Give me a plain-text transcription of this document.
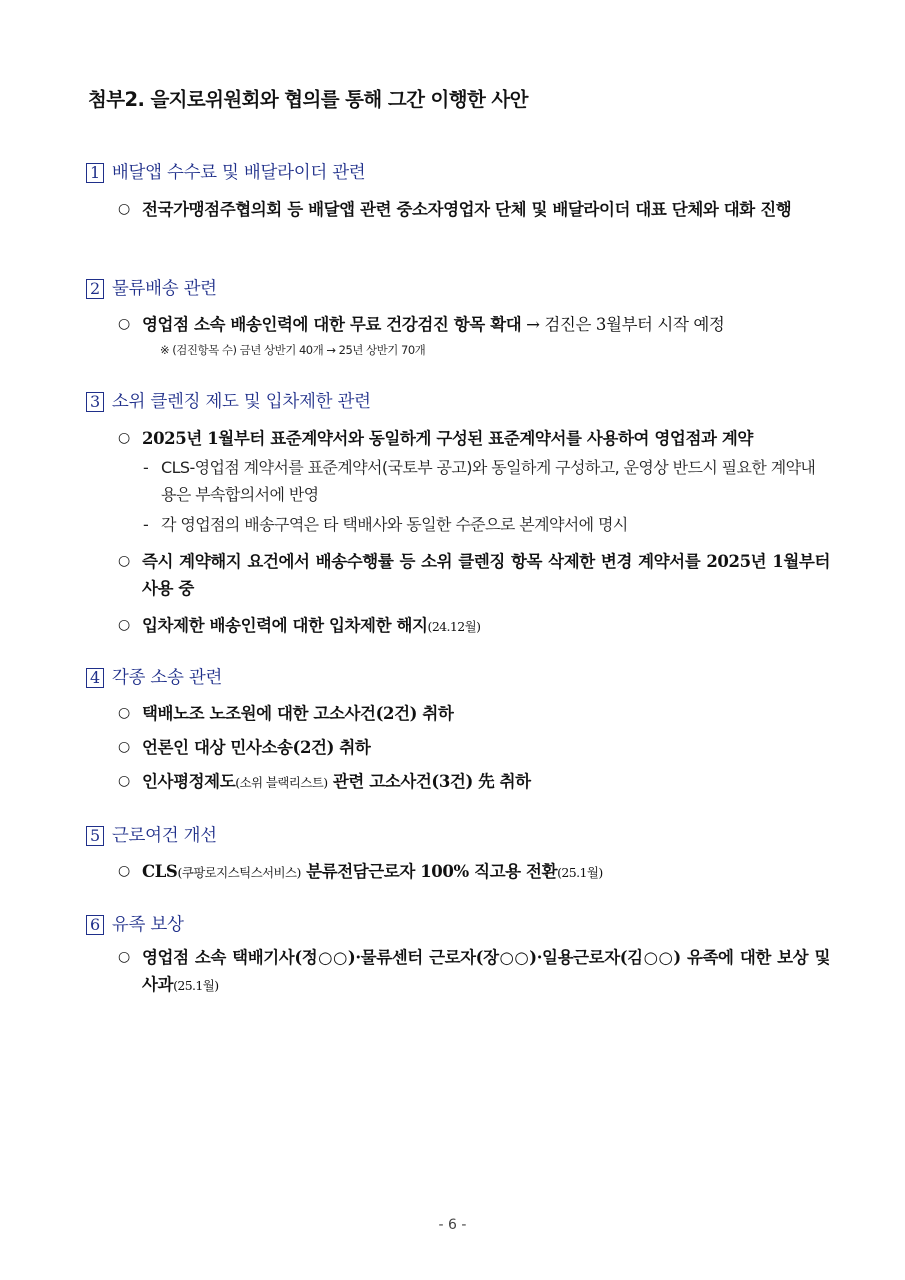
첨부2. 을지로위원회와 협의를 통해 그간 이행한 사안
1 배달앱 수수료 및 배달라이더 관련
○ 전국가맹점주협의회 등 배달앱 관련 중소자영업자 단체 및 배달라이더 대표 단체와 대화 진행
2 물류배송 관련
○ 영업점 소속 배송인력에 대한 무료 건강검진 항목 확대 → 검진은 3월부터 시작 예정
※ (검진항목 수) 금년 상반기 40개 → 25년 상반기 70개
3 소위 클렌징 제도 및 입차제한 관련
○ 2025년 1월부터 표준계약서와 동일하게 구성된 표준계약서를 사용하여 영업점과 계약
- CLS-영업점 계약서를 표준계약서(국토부 공고)와 동일하게 구성하고, 운영상 반드시 필요한 계약내용은 부속합의서에 반영
- 각 영업점의 배송구역은 타 택배사와 동일한 수준으로 본계약서에 명시
○ 즉시 계약해지 요건에서 배송수행률 등 소위 클렌징 항목 삭제한 변경 계약서를 2025년 1월부터 사용 중
○ 입차제한 배송인력에 대한 입차제한 해지(24.12월)
4 각종 소송 관련
○ 택배노조 노조원에 대한 고소사건(2건) 취하
○ 언론인 대상 민사소송(2건) 취하
○ 인사평정제도(소위 블랙리스트) 관련 고소사건(3건) 先 취하
5 근로여건 개선
○ CLS(쿠팡로지스틱스서비스) 분류전담근로자 100% 직고용 전환(25.1월)
6 유족 보상
○ 영업점 소속 택배기사(정○○)·물류센터 근로자(장○○)·일용근로자(김○○) 유족에 대한 보상 및 사과(25.1월)
- 6 -
